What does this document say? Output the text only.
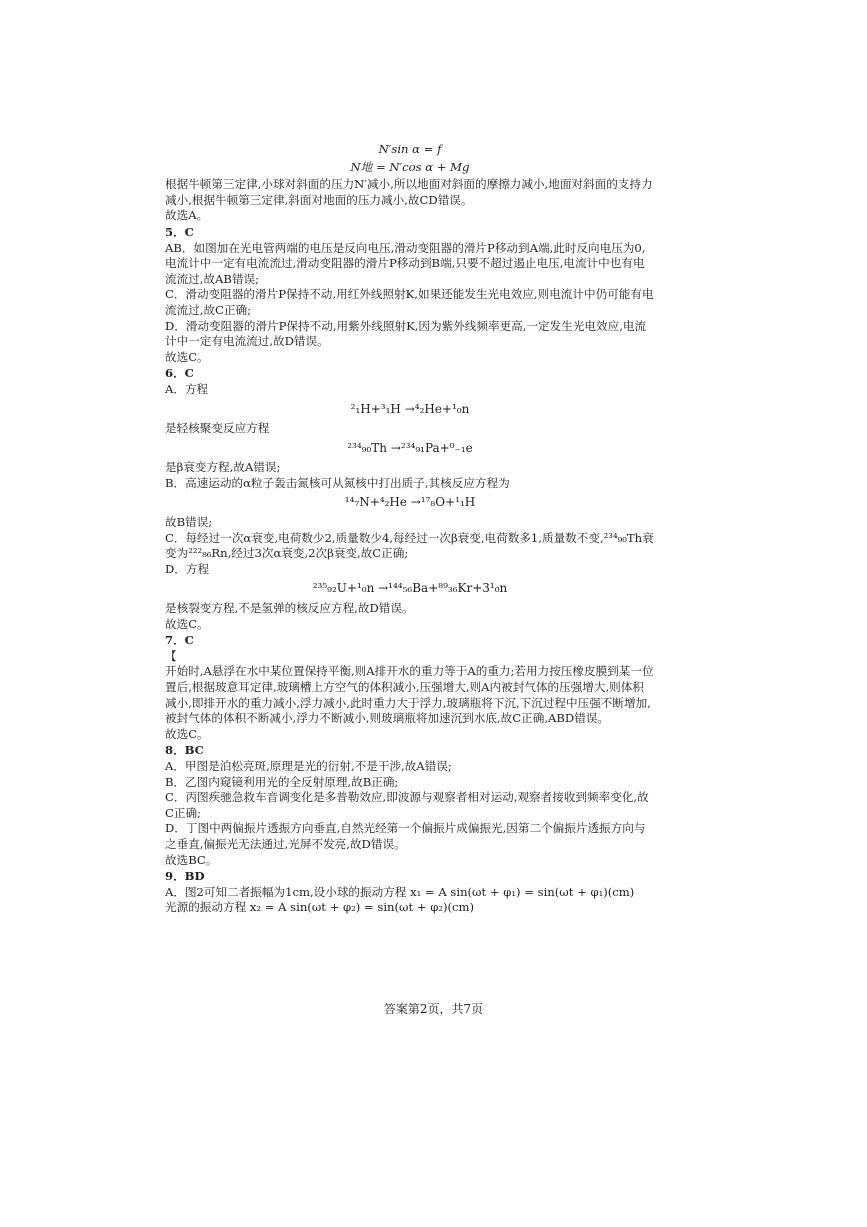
N′sin α = f
N地 = N′cos α + Mg

根据牛顿第三定律,小球对斜面的压力N′减小,所以地面对斜面的摩擦力减小,地面对斜面的支持力减小,根据牛顿第三定律,斜面对地面的压力减小,故CD错误。

故选A。

5．C

AB．如图加在光电管两端的电压是反向电压,滑动变阻器的滑片P移动到A端,此时反向电压为0,电流计中一定有电流流过,滑动变阻器的滑片P移动到B端,只要不超过遏止电压,电流计中也有电流流过,故AB错误;

C．滑动变阻器的滑片P保持不动,用红外线照射K,如果还能发生光电效应,则电流计中仍可能有电流流过,故C正确;

D．滑动变阻器的滑片P保持不动,用紫外线照射K,因为紫外线频率更高,一定发生光电效应,电流计中一定有电流流过,故D错误。

故选C。

6．C

A．方程

²₁H+³₁H →⁴₂He+¹₀n

是轻核聚变反应方程

²³⁴₉₀Th →²³⁴₉₁Pa+⁰₋₁e

是β衰变方程,故A错误;

B．高速运动的α粒子轰击氮核可从氮核中打出质子,其核反应方程为

¹⁴₇N+⁴₂He →¹⁷₈O+¹₁H

故B错误;

C．每经过一次α衰变,电荷数少2,质量数少4,每经过一次β衰变,电荷数多1,质量数不变,²³⁴₉₀Th衰变为²²²₈₆Rn,经过3次α衰变,2次β衰变,故C正确;

D．方程

²³⁵₉₂U+¹₀n →¹⁴⁴₅₆Ba+⁸⁹₃₆Kr+3¹₀n

是核裂变方程,不是氢弹的核反应方程,故D错误。

故选C。

7．C

【

开始时,A悬浮在水中某位置保持平衡,则A排开水的重力等于A的重力;若用力按压橡皮膜到某一位置后,根据玻意耳定律,玻璃槽上方空气的体积减小,压强增大,则A内被封气体的压强增大,则体积减小,即排开水的重力减小,浮力减小,此时重力大于浮力,玻璃瓶将下沉,下沉过程中压强不断增加,被封气体的体积不断减小,浮力不断减小,则玻璃瓶将加速沉到水底,故C正确,ABD错误。

故选C。

8．BC

A．甲图是泊松亮斑,原理是光的衍射,不是干涉,故A错误;

B．乙图内窥镜利用光的全反射原理,故B正确;

C．丙图疾驰急救车音调变化是多普勒效应,即波源与观察者相对运动,观察者接收到频率变化,故C正确;

D．丁图中两偏振片透振方向垂直,自然光经第一个偏振片成偏振光,因第二个偏振片透振方向与之垂直,偏振光无法通过,光屏不发亮,故D错误。

故选BC。

9．BD

A．图2可知二者振幅为1cm,设小球的振动方程 x₁ = A sin(ωt + φ₁) = sin(ωt + φ₁)(cm)

光源的振动方程 x₂ = A sin(ωt + φ₂) = sin(ωt + φ₂)(cm)

答案第2页，共7页
